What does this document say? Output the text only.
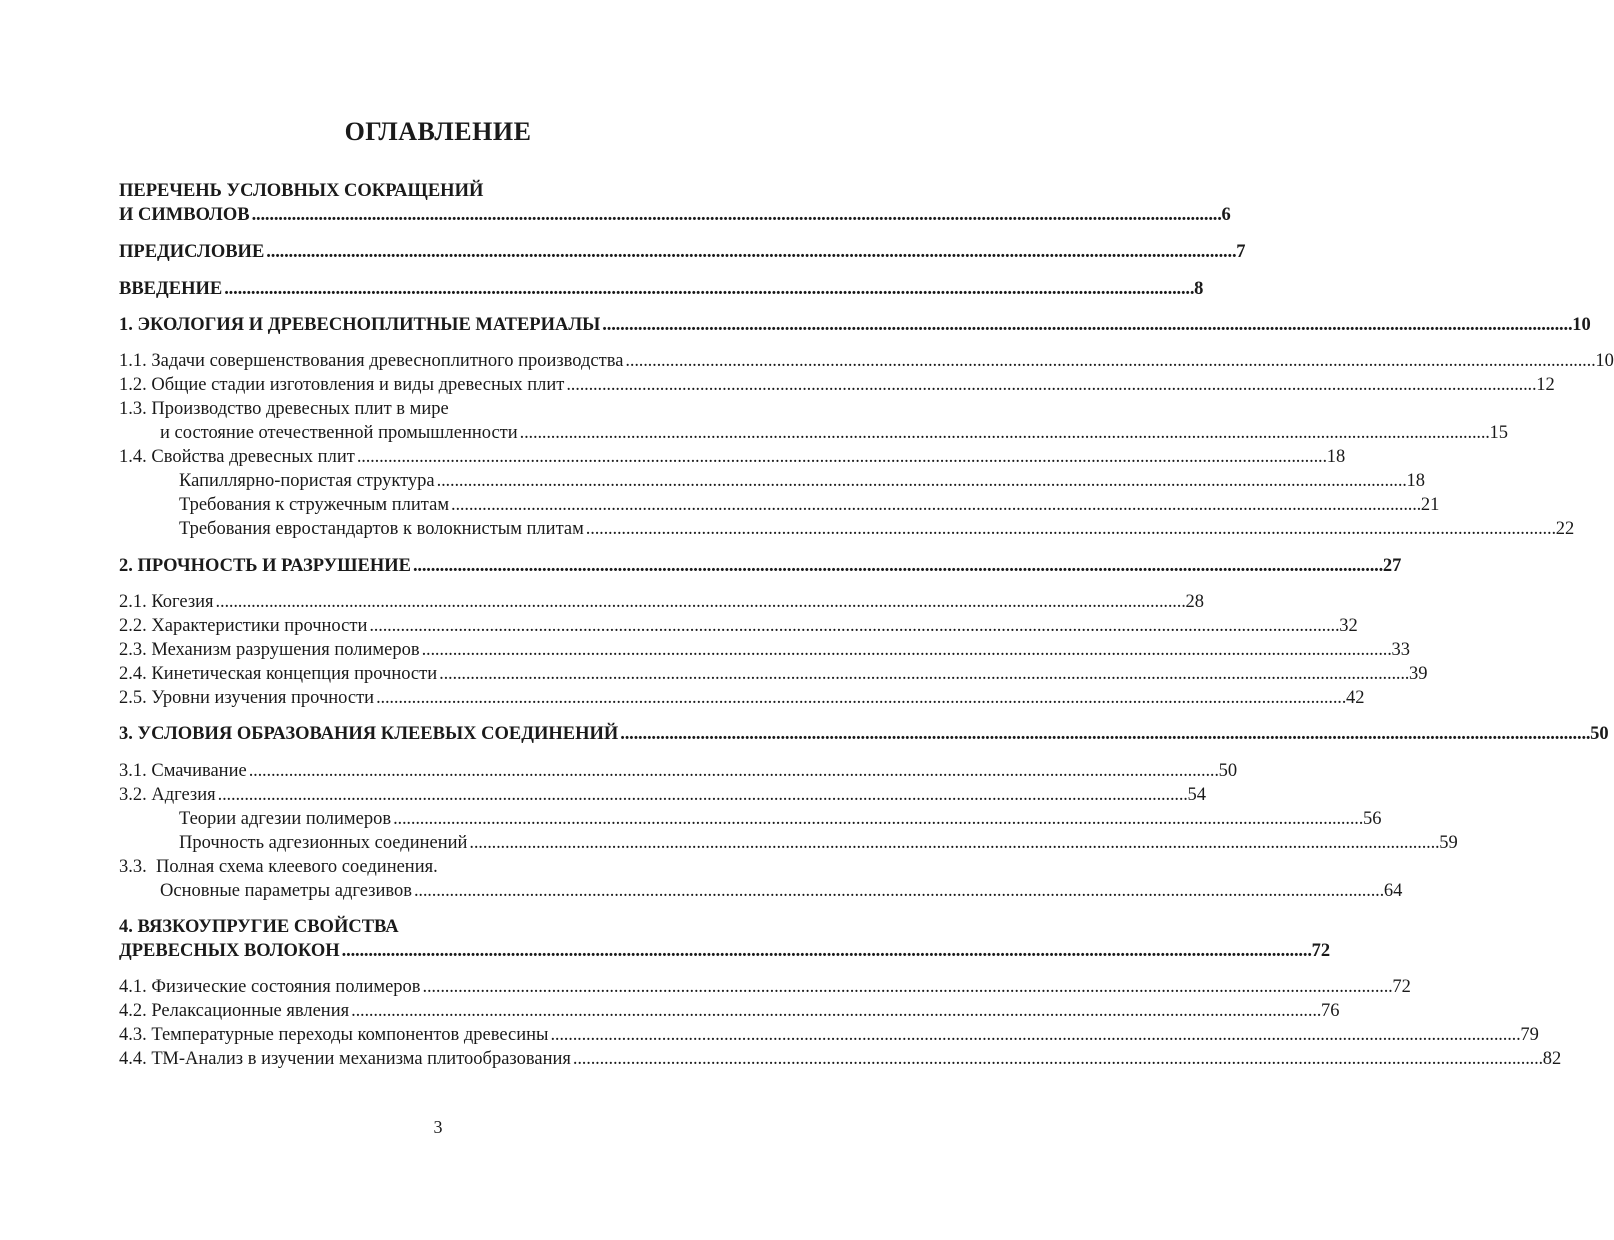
ОГЛАВЛЕНИЕ
ПЕРЕЧЕНЬ УСЛОВНЫХ СОКРАЩЕНИЙ
И СИМВОЛОВ . . .	6
ПРЕДИСЛОВИЕ . . .	7
ВВЕДЕНИЕ . . .	8
1. ЭКОЛОГИЯ И ДРЕВЕСНОПЛИТНЫЕ МАТЕРИАЛЫ . . .	10
1.1. Задачи совершенствования древесноплитного производства . . .	10
1.2. Общие стадии изготовления и виды древесных плит . . .	12
1.3. Производство древесных плит в мире
и состояние отечественной промышленности . . .	15
1.4. Свойства древесных плит . . .	18
Капиллярно-пористая структура . . .	18
Требования к стружечным плитам . . .	21
Требования евростандартов к волокнистым плитам . . .	22
2. ПРОЧНОСТЬ И РАЗРУШЕНИЕ . . .	27
2.1. Когезия . . .	28
2.2. Характеристики прочности . . .	32
2.3. Механизм разрушения полимеров . . .	33
2.4. Кинетическая концепция прочности . . .	39
2.5. Уровни изучения прочности . . .	42
3. УСЛОВИЯ ОБРАЗОВАНИЯ КЛЕЕВЫХ СОЕДИНЕНИЙ . . .	50
3.1. Смачивание . . .	50
3.2. Адгезия . . .	54
Теории адгезии полимеров . . .	56
Прочность адгезионных соединений . . .	59
3.3.  Полная схема клеевого соединения.
Основные параметры адгезивов . . .	64
4. ВЯЗКОУПРУГИЕ СВОЙСТВА
ДРЕВЕСНЫХ ВОЛОКОН . . .	72
4.1. Физические состояния полимеров . . .	72
4.2. Релаксационные явления . . .	76
4.3. Температурные переходы компонентов древесины . . .	79
4.4. ТМ-Анализ в изучении механизма плитообразования . . .	82
3
